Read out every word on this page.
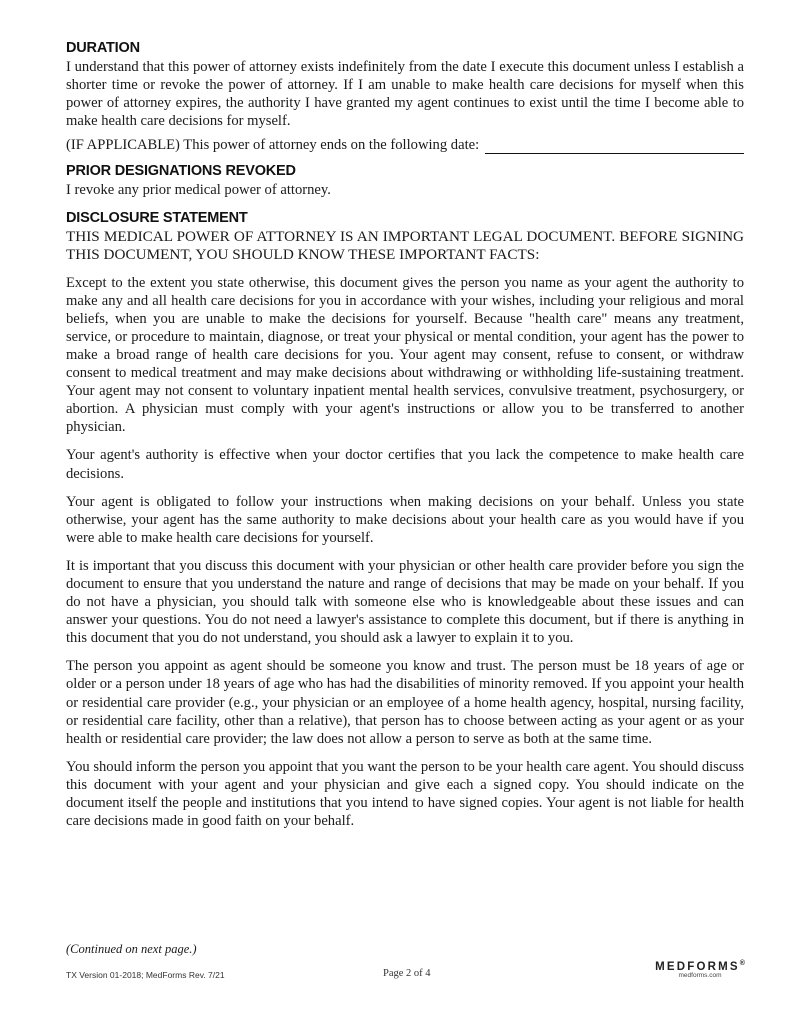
DURATION

I understand that this power of attorney exists indefinitely from the date I execute this document unless I establish a shorter time or revoke the power of attorney. If I am unable to make health care decisions for myself when this power of attorney expires, the authority I have granted my agent continues to exist until the time I become able to make health care decisions for myself.

(IF APPLICABLE) This power of attorney ends on the following date:

PRIOR DESIGNATIONS REVOKED

I revoke any prior medical power of attorney.

DISCLOSURE STATEMENT

THIS MEDICAL POWER OF ATTORNEY IS AN IMPORTANT LEGAL DOCUMENT. BEFORE SIGNING THIS DOCUMENT, YOU SHOULD KNOW THESE IMPORTANT FACTS:

Except to the extent you state otherwise, this document gives the person you name as your agent the authority to make any and all health care decisions for you in accordance with your wishes, including your religious and moral beliefs, when you are unable to make the decisions for yourself. Because "health care" means any treatment, service, or procedure to maintain, diagnose, or treat your physical or mental condition, your agent has the power to make a broad range of health care decisions for you. Your agent may consent, refuse to consent, or withdraw consent to medical treatment and may make decisions about withdrawing or withholding life-sustaining treatment. Your agent may not consent to voluntary inpatient mental health services, convulsive treatment, psychosurgery, or abortion. A physician must comply with your agent's instructions or allow you to be transferred to another physician.

Your agent's authority is effective when your doctor certifies that you lack the competence to make health care decisions.

Your agent is obligated to follow your instructions when making decisions on your behalf. Unless you state otherwise, your agent has the same authority to make decisions about your health care as you would have if you were able to make health care decisions for yourself.

It is important that you discuss this document with your physician or other health care provider before you sign the document to ensure that you understand the nature and range of decisions that may be made on your behalf. If you do not have a physician, you should talk with someone else who is knowledgeable about these issues and can answer your questions. You do not need a lawyer's assistance to complete this document, but if there is anything in this document that you do not understand, you should ask a lawyer to explain it to you.

The person you appoint as agent should be someone you know and trust. The person must be 18 years of age or older or a person under 18 years of age who has had the disabilities of minority removed. If you appoint your health or residential care provider (e.g., your physician or an employee of a home health agency, hospital, nursing facility, or residential care facility, other than a relative), that person has to choose between acting as your agent or as your health or residential care provider; the law does not allow a person to serve as both at the same time.

You should inform the person you appoint that you want the person to be your health care agent. You should discuss this document with your agent and your physician and give each a signed copy. You should indicate on the document itself the people and institutions that you intend to have signed copies. Your agent is not liable for health care decisions made in good faith on your behalf.

(Continued on next page.)

TX Version 01-2018; MedForms Rev. 7/21	Page 2 of 4
MEDFORMS®
medforms.com
